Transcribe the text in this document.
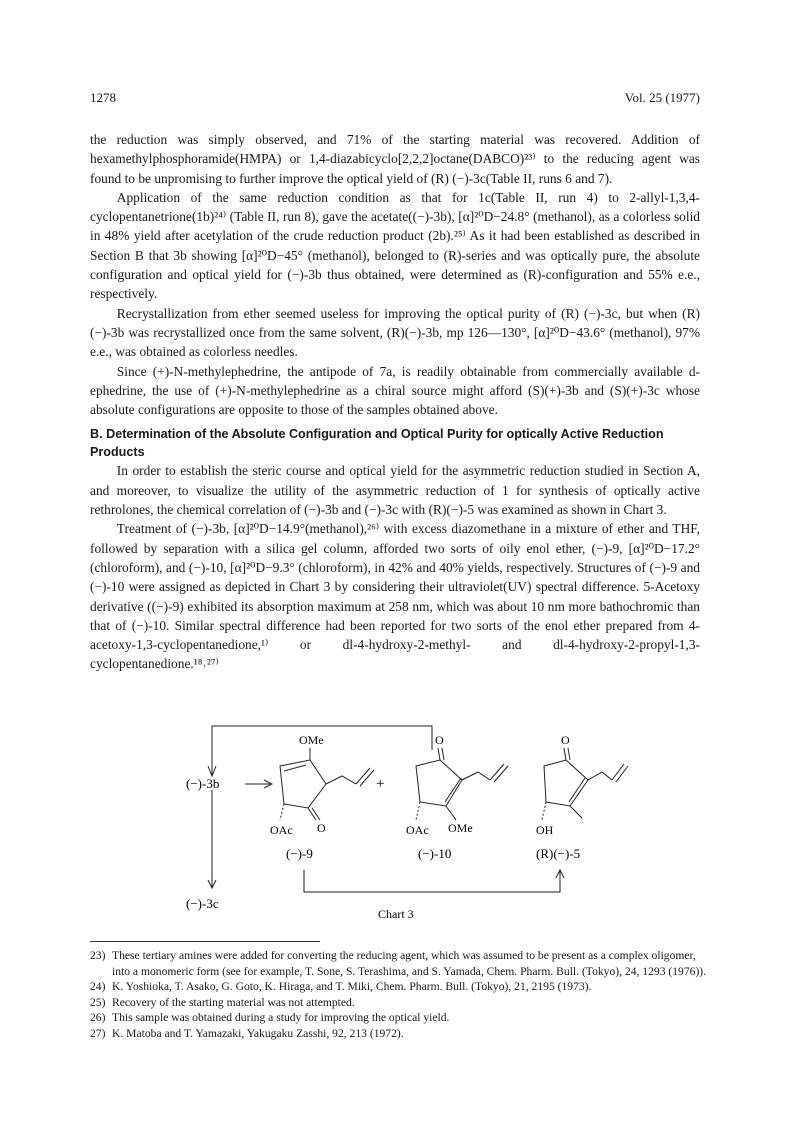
1278	Vol. 25 (1977)

the reduction was simply observed, and 71% of the starting material was recovered. Addition of hexamethylphosphoramide(HMPA) or 1,4-diazabicyclo[2,2,2]octane(DABCO)²³⁾ to the reducing agent was found to be unpromising to further improve the optical yield of (R) (−)-3c(Table II, runs 6 and 7).

Application of the same reduction condition as that for 1c(Table II, run 4) to 2-allyl-1,3,4-cyclopentanetrione(1b)²⁴⁾ (Table II, run 8), gave the acetate((−)-3b), [α]²⁰D−24.8° (methanol), as a colorless solid in 48% yield after acetylation of the crude reduction product (2b).²⁵⁾ As it had been established as described in Section B that 3b showing [α]²⁰D−45° (methanol), belonged to (R)-series and was optically pure, the absolute configuration and optical yield for (−)-3b thus obtained, were determined as (R)-configuration and 55% e.e., respectively.

Recrystallization from ether seemed useless for improving the optical purity of (R) (−)-3c, but when (R) (−)-3b was recrystallized once from the same solvent, (R)(−)-3b, mp 126—130°, [α]²⁰D−43.6° (methanol), 97% e.e., was obtained as colorless needles.

Since (+)-N-methylephedrine, the antipode of 7a, is readily obtainable from commercially available d-ephedrine, the use of (+)-N-methylephedrine as a chiral source might afford (S)(+)-3b and (S)(+)-3c whose absolute configurations are opposite to those of the samples obtained above.

B. Determination of the Absolute Configuration and Optical Purity for optically Active Reduction Products

In order to establish the steric course and optical yield for the asymmetric reduction studied in Section A, and moreover, to visualize the utility of the asymmetric reduction of 1 for synthesis of optically active rethrolones, the chemical correlation of (−)-3b and (−)-3c with (R)(−)-5 was examined as shown in Chart 3.

Treatment of (−)-3b, [α]²⁰D−14.9°(methanol),²⁶⁾ with excess diazomethane in a mixture of ether and THF, followed by separation with a silica gel column, afforded two sorts of oily enol ether, (−)-9, [α]²⁰D−17.2°(chloroform), and (−)-10, [α]²⁰D−9.3° (chloroform), in 42% and 40% yields, respectively. Structures of (−)-9 and (−)-10 were assigned as depicted in Chart 3 by considering their ultraviolet(UV) spectral difference. 5-Acetoxy derivative ((−)-9) exhibited its absorption maximum at 258 nm, which was about 10 nm more bathochromic than that of (−)-10. Similar spectral difference had been reported for two sorts of the enol ether prepared from 4-acetoxy-1,3-cyclopentanedione,¹⁾ or dl-4-hydroxy-2-methyl- and dl-4-hydroxy-2-propyl-1,3-cyclopentanedione.¹⁸˒²⁷⁾

(−)-3b
(−)-3c
+
OMe
OAc O
(−)-9
O
OAc OMe
(−)-10
O
OH
(R)(−)-5
Chart 3
23) These tertiary amines were added for converting the reducing agent, which was assumed to be present as a complex oligomer, into a monomeric form (see for example, T. Sone, S. Terashima, and S. Yamada, Chem. Pharm. Bull. (Tokyo), 24, 1293 (1976)).
24) K. Yoshioka, T. Asako, G. Goto, K. Hiraga, and T. Miki, Chem. Pharm. Bull. (Tokyo), 21, 2195 (1973).
25) Recovery of the starting material was not attempted.
26) This sample was obtained during a study for improving the optical yield.
27) K. Matoba and T. Yamazaki, Yakugaku Zasshi, 92, 213 (1972).
